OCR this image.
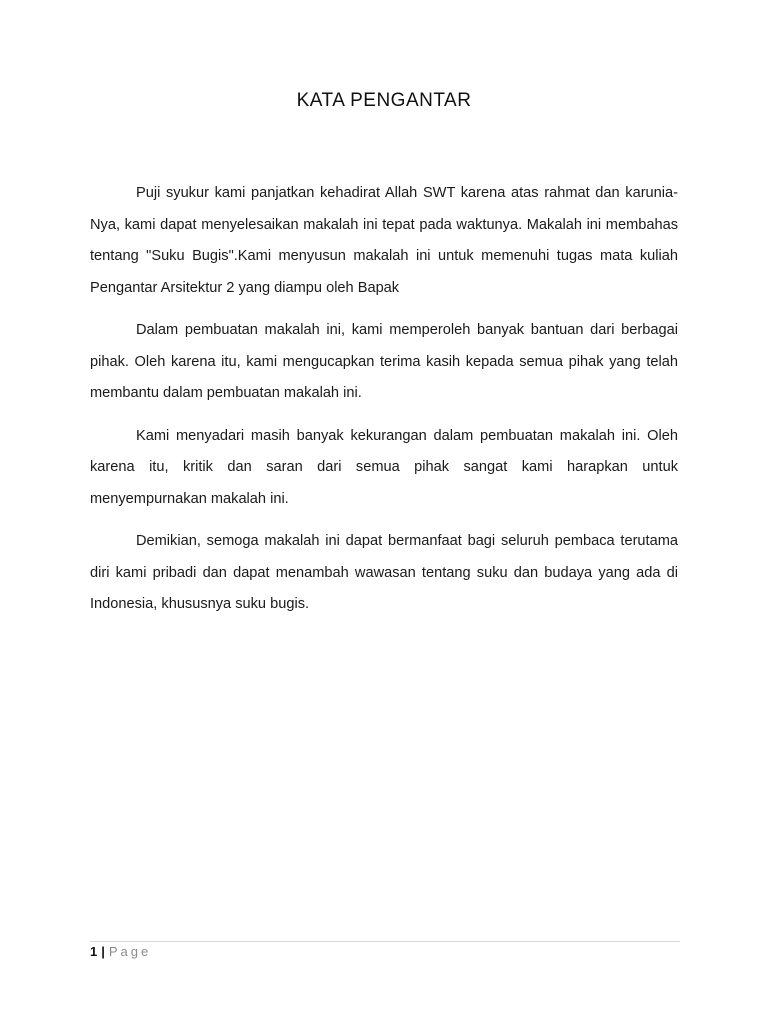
KATA PENGANTAR

Puji syukur kami panjatkan kehadirat Allah SWT karena atas rahmat dan karunia-Nya, kami dapat menyelesaikan makalah ini tepat pada waktunya. Makalah ini membahas tentang "Suku Bugis".Kami menyusun makalah ini untuk memenuhi tugas mata kuliah Pengantar Arsitektur 2 yang diampu oleh Bapak

Dalam pembuatan makalah ini, kami memperoleh banyak bantuan dari berbagai pihak. Oleh karena itu, kami mengucapkan terima kasih kepada semua pihak yang telah membantu dalam pembuatan makalah ini.

Kami menyadari masih banyak kekurangan dalam pembuatan makalah ini. Oleh karena itu, kritik dan saran dari semua pihak sangat kami harapkan untuk menyempurnakan makalah ini.

Demikian, semoga makalah ini dapat bermanfaat bagi seluruh pembaca terutama diri kami pribadi dan dapat menambah wawasan tentang suku dan budaya yang ada di Indonesia, khususnya suku bugis.

1 | Page
